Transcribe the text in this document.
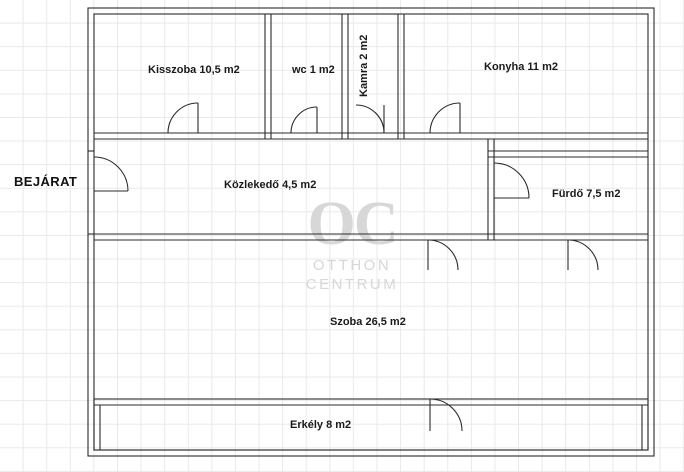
OC
OTTHON
CENTRUM
BEJÁRAT
Kisszoba 10,5 m2	wc 1 m2 Kamra 2 m2	Konyha 11 m2
Közlekedő 4,5 m2
Fürdő 7,5 m2
Szoba 26,5 m2
Erkély 8 m2
